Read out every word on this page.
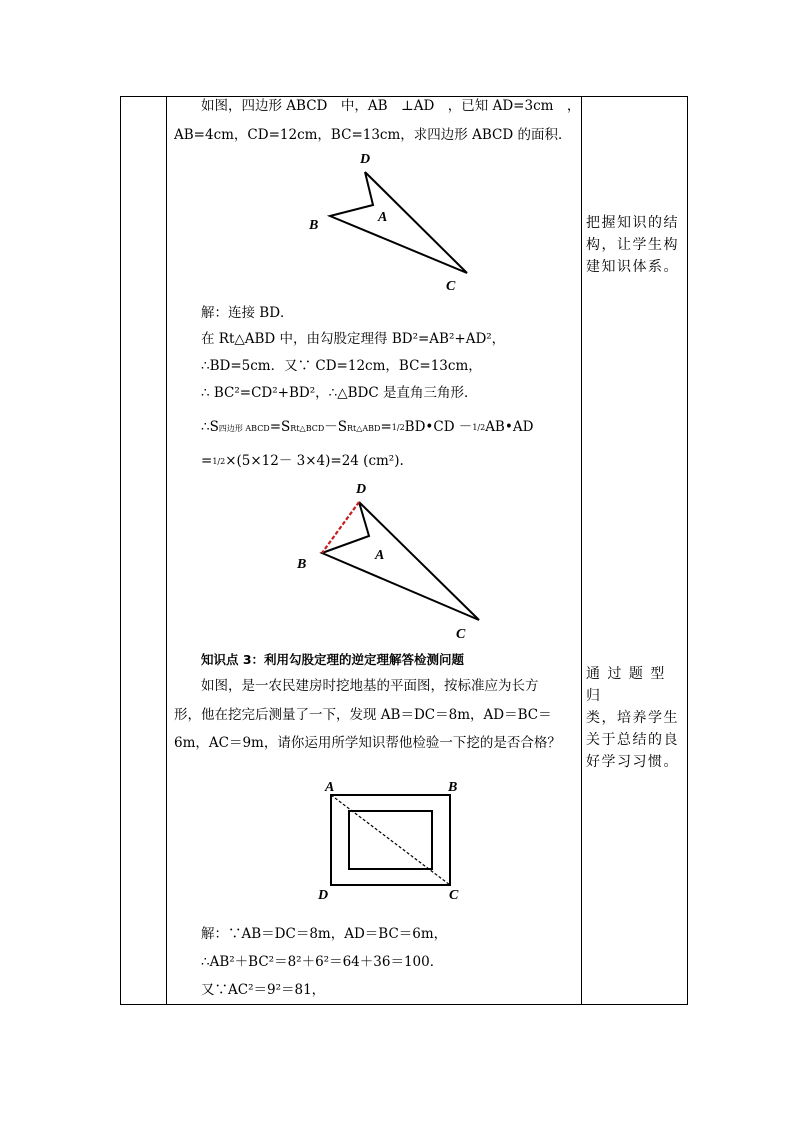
如图，四边形 ABCD　中，AB　⊥AD　，已知 AD=3cm　，
AB=4cm，CD=12cm，BC=13cm，求四边形 ABCD 的面积．
D
A
B
C
解：连接 BD．
在 Rt△ABD 中，由勾股定理得 BD²=AB²+AD²，
∴BD=5cm．又∵ CD=12cm，BC=13cm，
∴ BC²=CD²+BD²，∴△BDC 是直角三角形．
∴S四边形 ABCD=SRt△BCD－SRt△ABD=1/2BD•CD －1/2AB•AD
=1/2×(5×12－ 3×4)=24 (cm²).
D
A
B
C
知识点 3：利用勾股定理的逆定理解答检测问题
如图，是一农民建房时挖地基的平面图，按标准应为长方
形，他在挖完后测量了一下，发现 AB＝DC＝8m，AD＝BC＝
6m，AC＝9m，请你运用所学知识帮他检验一下挖的是否合格？
A	B
C
D
解：∵AB＝DC＝8m，AD＝BC＝6m，
∴AB²＋BC²＝8²＋6²＝64＋36＝100．
又∵AC²＝9²＝81，
把握知识的结
构，让学生构
建知识体系。
通 过 题 型 归
类，培养学生
关于总结的良
好学习习惯。
